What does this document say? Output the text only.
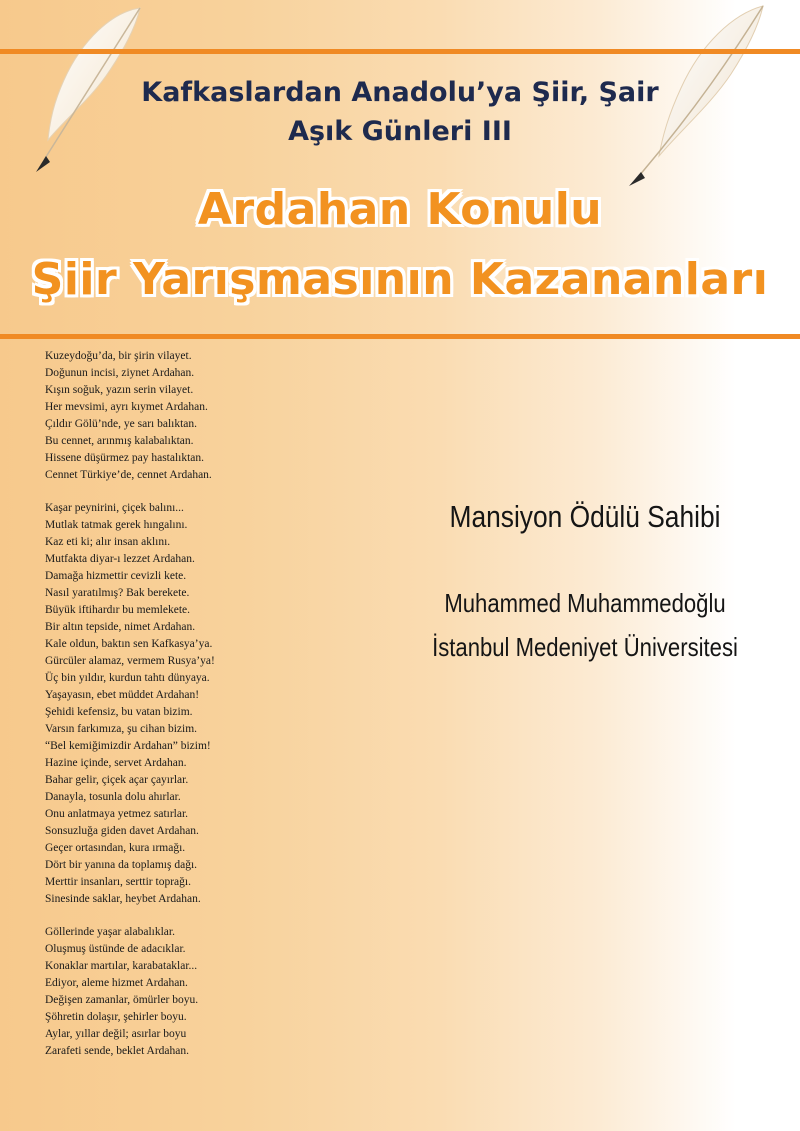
Kafkaslardan Anadolu’ya Şiir, Şair
Aşık Günleri III
Ardahan Konulu
Şiir Yarışmasının Kazananları
Kuzeydoğu’da, bir şirin vilayet.
Doğunun incisi, ziynet Ardahan.
Kışın soğuk, yazın serin vilayet.
Her mevsimi, ayrı kıymet Ardahan.
Çıldır Gölü’nde, ye sarı balıktan.
Bu cennet, arınmış kalabalıktan.
Hissene düşürmez pay hastalıktan.
Cennet Türkiye’de, cennet Ardahan.
Kaşar peynirini, çiçek balını...
Mutlak tatmak gerek hıngalını.
Kaz eti ki; alır insan aklını.
Mutfakta diyar-ı lezzet Ardahan.
Damağa hizmettir cevizli kete.
Nasıl yaratılmış? Bak berekete.
Büyük iftihardır bu memlekete.
Bir altın tepside, nimet Ardahan.
Kale oldun, baktın sen Kafkasya’ya.
Gürcüler alamaz, vermem Rusya’ya!
Üç bin yıldır, kurdun tahtı dünyaya.
Yaşayasın, ebet müddet Ardahan!
Şehidi kefensiz, bu vatan bizim.
Varsın farkımıza, şu cihan bizim.
“Bel kemiğimizdir Ardahan” bizim!
Hazine içinde, servet Ardahan.
Bahar gelir, çiçek açar çayırlar.
Danayla, tosunla dolu ahırlar.
Onu anlatmaya yetmez satırlar.
Sonsuzluğa giden davet Ardahan.
Geçer ortasından, kura ırmağı.
Dört bir yanına da toplamış dağı.
Merttir insanları, serttir toprağı.
Sinesinde saklar, heybet Ardahan.
Göllerinde yaşar alabalıklar.
Oluşmuş üstünde de adacıklar.
Konaklar martılar, karabataklar...
Ediyor, aleme hizmet Ardahan.
Değişen zamanlar, ömürler boyu.
Şöhretin dolaşır, şehirler boyu.
Aylar, yıllar değil; asırlar boyu
Zarafeti sende, beklet Ardahan.
Mansiyon Ödülü Sahibi
Muhammed Muhammedoğlu
İstanbul Medeniyet Üniversitesi
